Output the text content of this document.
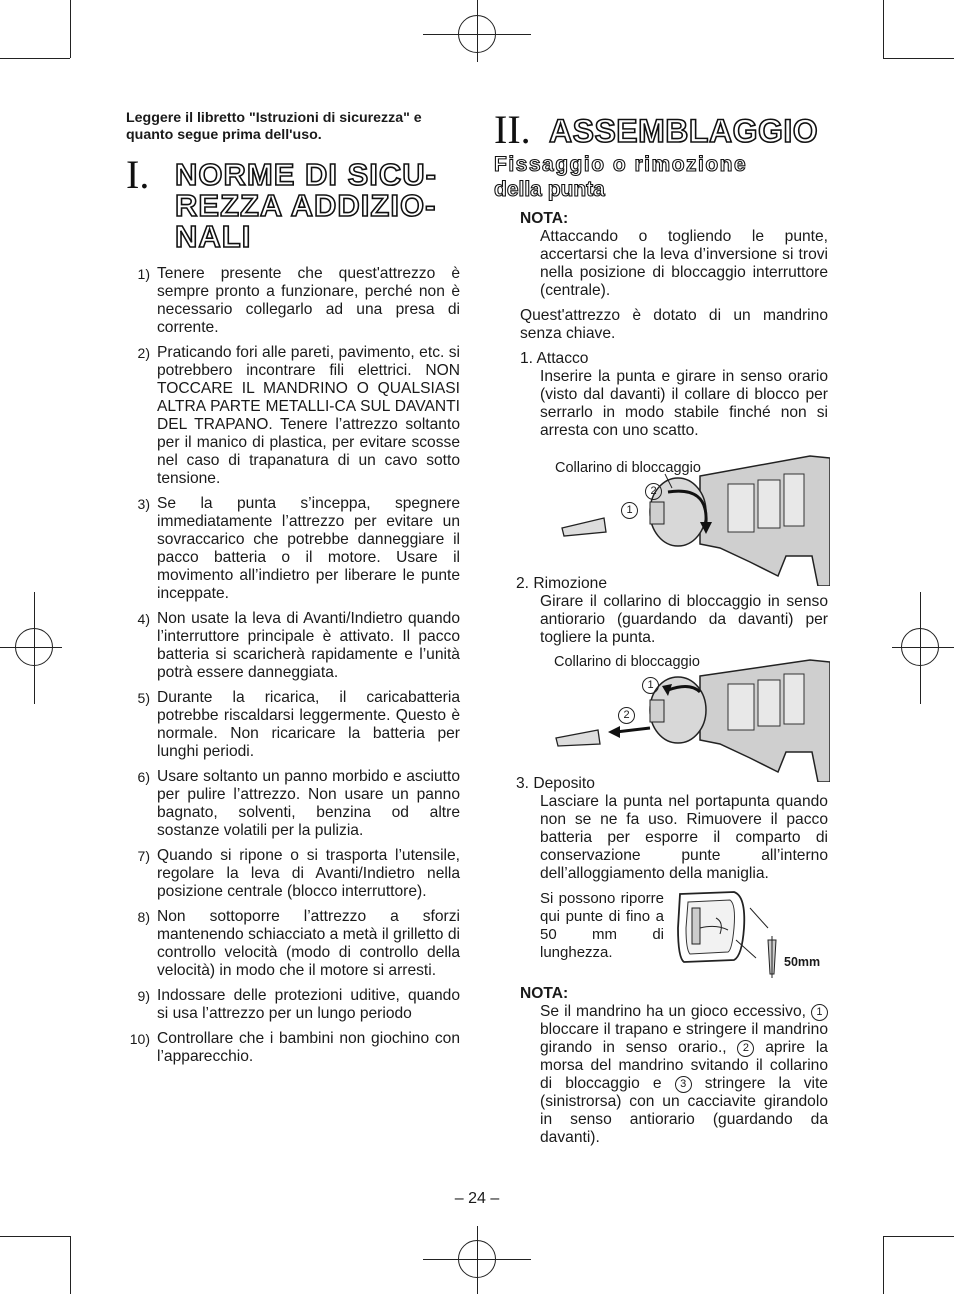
Leggere il libretto "Istruzioni di sicurezza" e quanto segue prima dell'uso.
I. NORME DI SICU-
REZZA ADDIZIO-
NALI
1) Tenere presente che quest'attrezzo è sempre pronto a funzionare, perché non è necessario collegarlo ad una presa di corrente.
2) Praticando fori alle pareti, pavimento, etc. si potrebbero incontrare fili elettrici. NON TOCCARE IL MANDRINO O QUALSIASI ALTRA PARTE METALLI-CA SUL DAVANTI DEL TRAPANO. Tenere l’attrezzo soltanto per il manico di plastica, per evitare scosse nel caso di trapanatura di un cavo sotto tensione.
3) Se la punta s’inceppa, spegnere immediatamente l’attrezzo per evitare un sovraccarico che potrebbe danneggiare il pacco batteria o il motore. Usare il movimento all’indietro per liberare le punte inceppate.
4) Non usate la leva di Avanti/Indietro quando l’interruttore principale è attivato. Il pacco batteria si scaricherà rapidamente e l’unità potrà essere danneggiata.
5) Durante la ricarica, il caricabatteria potrebbe riscaldarsi leggermente. Questo è normale. Non ricaricare la batteria per lunghi periodi.
6) Usare soltanto un panno morbido e asciutto per pulire l’attrezzo. Non usare un panno bagnato, solventi, benzina od altre sostanze volatili per la pulizia.
7) Quando si ripone o si trasporta l’utensile, regolare la leva di Avanti/Indietro nella posizione centrale (blocco interruttore).
8) Non sottoporre l’attrezzo a sforzi mantenendo schiacciato a metà il grilletto di controllo velocità (modo di controllo della velocità) in modo che il motore si arresti.
9) Indossare delle protezioni uditive, quando si usa l’attrezzo per un lungo periodo
10) Controllare che i bambini non giochino con l’apparecchio.
II. ASSEMBLAGGIO
Fissaggio o rimozione
della punta
NOTA:
Attaccando o togliendo le punte, accertarsi che la leva d’inversione si trovi nella posizione di bloccaggio interruttore (centrale).
Quest'attrezzo è dotato di un mandrino senza chiave.
1. Attacco
Inserire la punta e girare in senso orario (visto dal davanti) il collare di blocco per serrarlo in modo stabile finché non si arresta con uno scatto.
Collarino di bloccaggio
2
1
2. Rimozione
Girare il collarino di bloccaggio in senso antiorario (guardando da davanti) per togliere la punta.
Collarino di bloccaggio
1
2
3. Deposito
Lasciare la punta nel portapunta quando non se ne fa uso. Rimuovere il pacco batteria per esporre il comparto di conservazione punte all’interno dell’alloggiamento della maniglia.
Si possono riporre qui punte di fino a 50 mm di lunghezza.
50mm
NOTA:
Se il mandrino ha un gioco eccessivo, 1 bloccare il trapano e stringere il mandrino girando in senso orario., 2 aprire la morsa del mandrino svitando il collarino di bloccaggio e 3 stringere la vite (sinistrorsa) con un cacciavite girandolo in senso antiorario (guardando da davanti).
– 24 –
